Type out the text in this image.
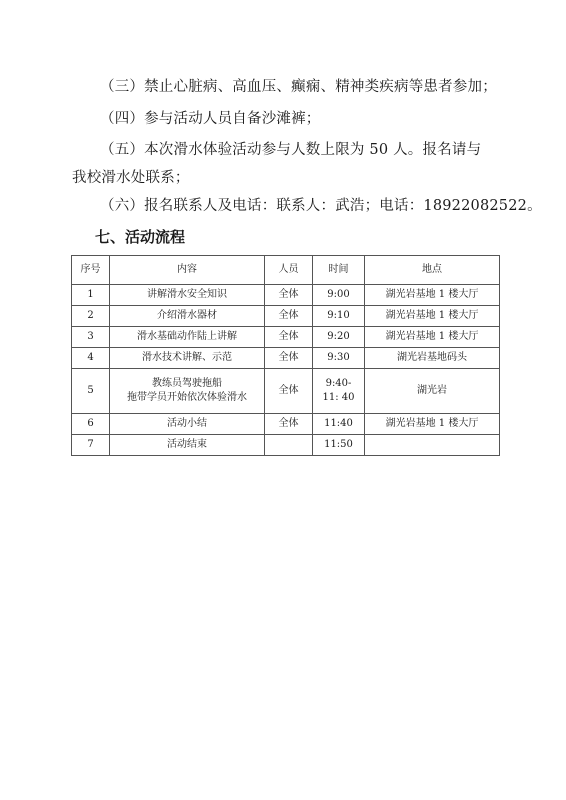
（三）禁止心脏病、高血压、癫痫、精神类疾病等患者参加；
（四）参与活动人员自备沙滩裤；
（五）本次滑水体验活动参与人数上限为 50 人。报名请与
我校滑水处联系；
（六）报名联系人及电话：联系人：武浩；电话：18922082522。
七、活动流程
序号	内容	人员	时间	地点
1	讲解滑水安全知识	全体	9:00	湖光岩基地 1 楼大厅
2	介绍滑水器材	全体	9:10	湖光岩基地 1 楼大厅
3	滑水基础动作陆上讲解	全体	9:20	湖光岩基地 1 楼大厅
4	滑水技术讲解、示范	全体	9:30	湖光岩基地码头
5	教练员驾驶拖船
拖带学员开始依次体验滑水	全体	9:40-
11: 40	湖光岩
6	活动小结	全体	11:40	湖光岩基地 1 楼大厅
7	活动结束		11:50	
